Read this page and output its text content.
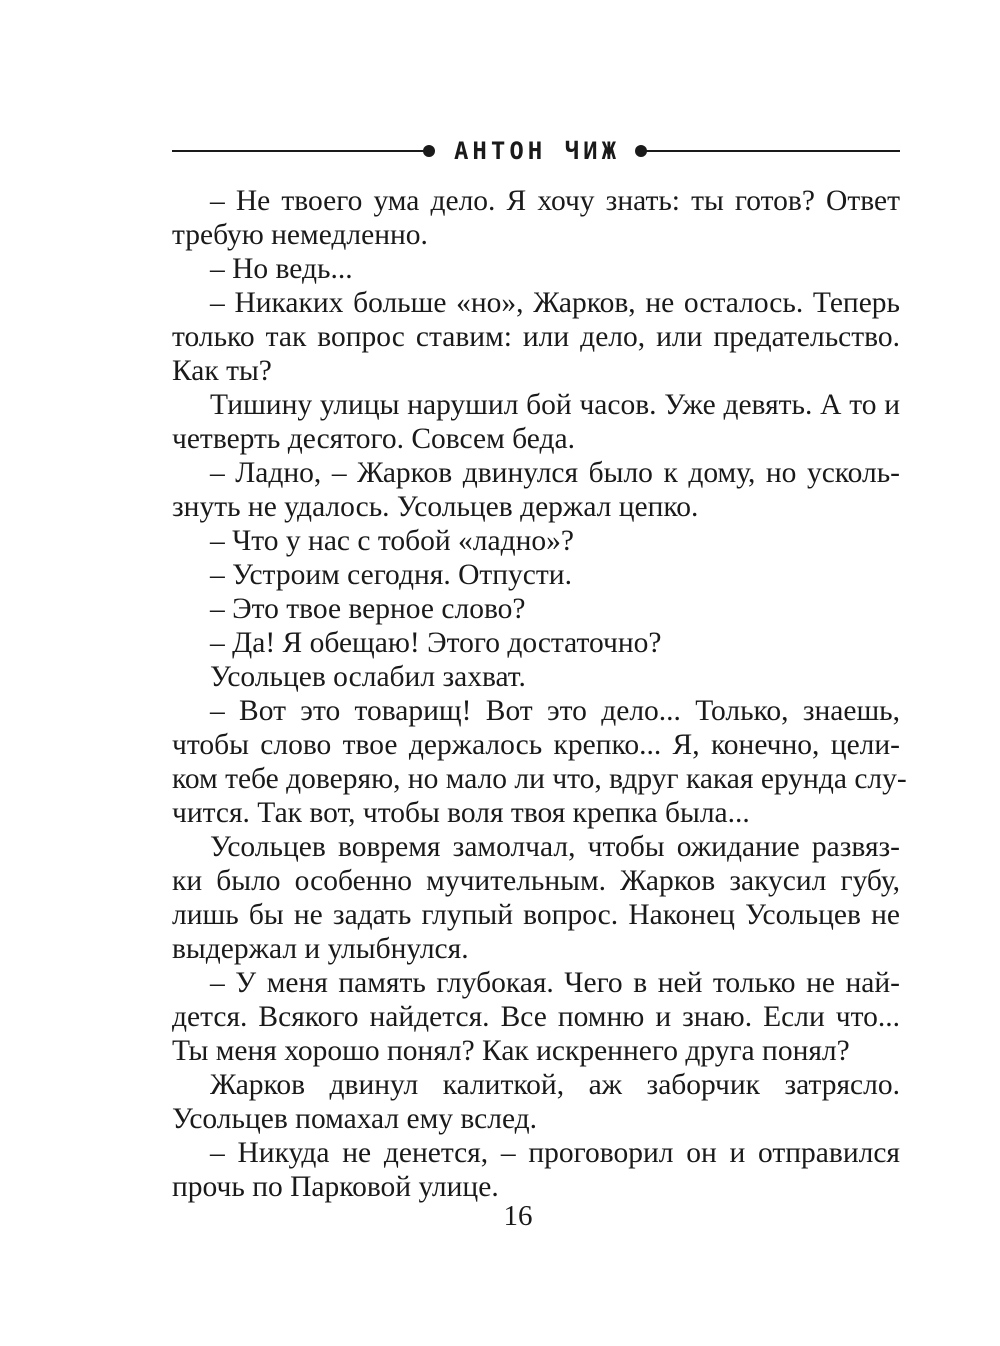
АНТОН ЧИЖ
– Не твоего ума дело. Я хочу знать: ты готов? Ответ
требую немедленно.
– Но ведь...
– Никаких больше «но», Жарков, не осталось. Теперь
только так вопрос ставим: или дело, или предательство.
Как ты?
Тишину улицы нарушил бой часов. Уже девять. А то и
четверть десятого. Совсем беда.
– Ладно, – Жарков двинулся было к дому, но усколь-
знуть не удалось. Усольцев держал цепко.
– Что у нас с тобой «ладно»?
– Устроим сегодня. Отпусти.
– Это твое верное слово?
– Да! Я обещаю! Этого достаточно?
Усольцев ослабил захват.
– Вот это товарищ! Вот это дело... Только, знаешь,
чтобы слово твое держалось крепко... Я, конечно, цели-
ком тебе доверяю, но мало ли что, вдруг какая ерунда слу-
чится. Так вот, чтобы воля твоя крепка была...
Усольцев вовремя замолчал, чтобы ожидание развяз-
ки было особенно мучительным. Жарков закусил губу,
лишь бы не задать глупый вопрос. Наконец Усольцев не
выдержал и улыбнулся.
– У меня память глубокая. Чего в ней только не най-
дется. Всякого найдется. Все помню и знаю. Если что...
Ты меня хорошо понял? Как искреннего друга понял?
Жарков двинул калиткой, аж заборчик затрясло.
Усольцев помахал ему вслед.
– Никуда не денется, – проговорил он и отправился
прочь по Парковой улице.
16
